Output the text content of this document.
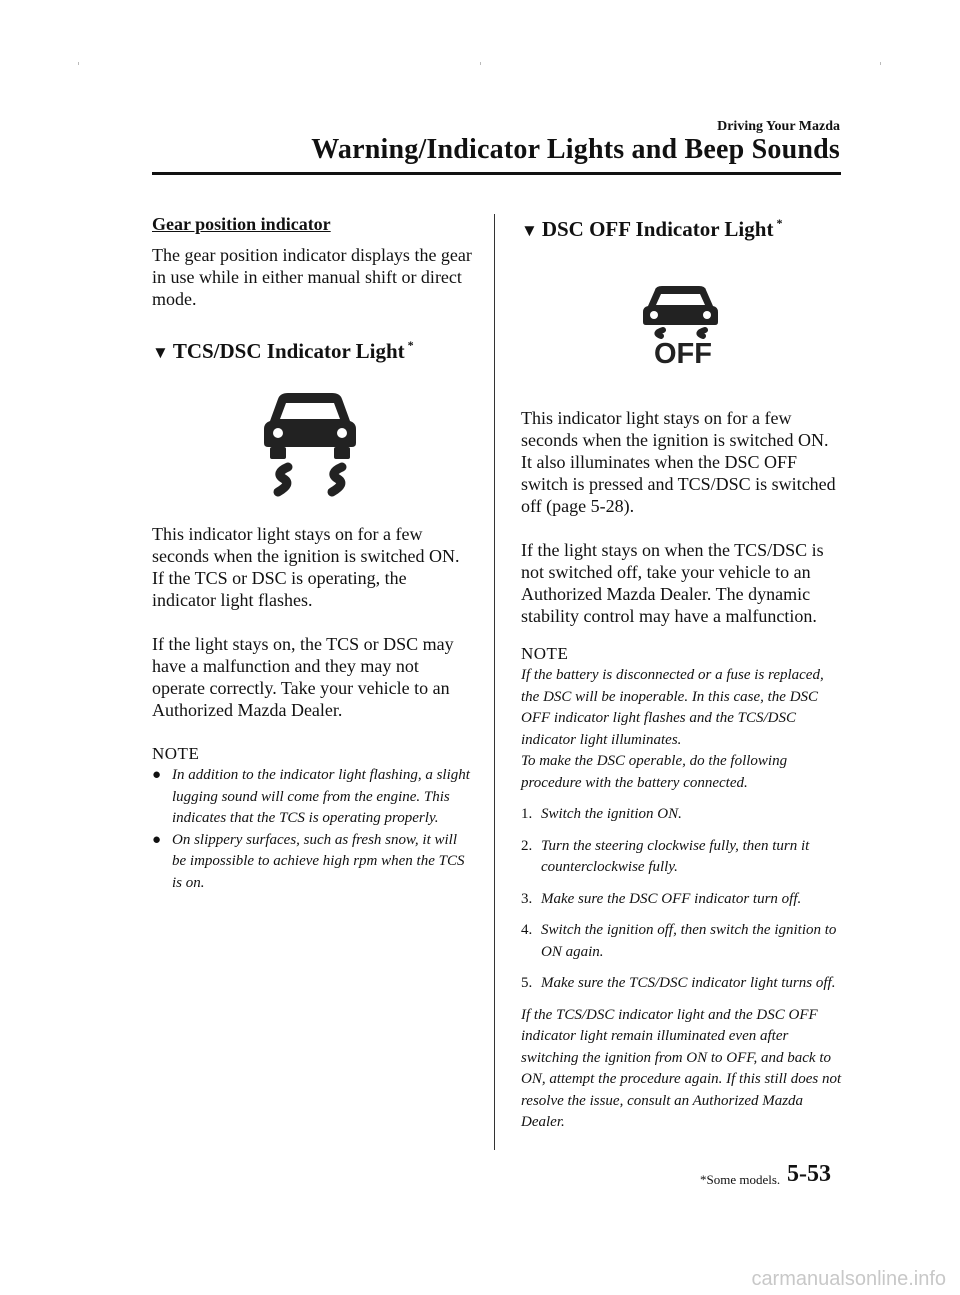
Driving Your Mazda
Warning/Indicator Lights and Beep Sounds

Gear position indicator

The gear position indicator displays the gear in use while in either manual shift or direct mode.

▼ TCS/DSC Indicator Light *

This indicator light stays on for a few seconds when the ignition is switched ON. If the TCS or DSC is operating, the indicator light flashes.

If the light stays on, the TCS or DSC may have a malfunction and they may not operate correctly. Take your vehicle to an Authorized Mazda Dealer.

NOTE

● In addition to the indicator light flashing, a slight lugging sound will come from the engine. This indicates that the TCS is operating properly.

● On slippery surfaces, such as fresh snow, it will be impossible to achieve high rpm when the TCS is on.

▼ DSC OFF Indicator Light *
OFF

This indicator light stays on for a few seconds when the ignition is switched ON.

It also illuminates when the DSC OFF switch is pressed and TCS/DSC is switched off (page 5-28).

If the light stays on when the TCS/DSC is not switched off, take your vehicle to an Authorized Mazda Dealer. The dynamic stability control may have a malfunction.

NOTE

If the battery is disconnected or a fuse is replaced, the DSC will be inoperable. In this case, the DSC OFF indicator light flashes and the TCS/DSC indicator light illuminates.

To make the DSC operable, do the following procedure with the battery connected.

1. Switch the ignition ON.

2. Turn the steering clockwise fully, then turn it counterclockwise fully.

3. Make sure the DSC OFF indicator turn off.

4. Switch the ignition off, then switch the ignition to ON again.

5. Make sure the TCS/DSC indicator light turns off.

If the TCS/DSC indicator light and the DSC OFF indicator light remain illuminated even after switching the ignition from ON to OFF, and back to ON, attempt the procedure again. If this still does not resolve the issue, consult an Authorized Mazda Dealer.

*Some models. 5-53
carmanualsonline.info
